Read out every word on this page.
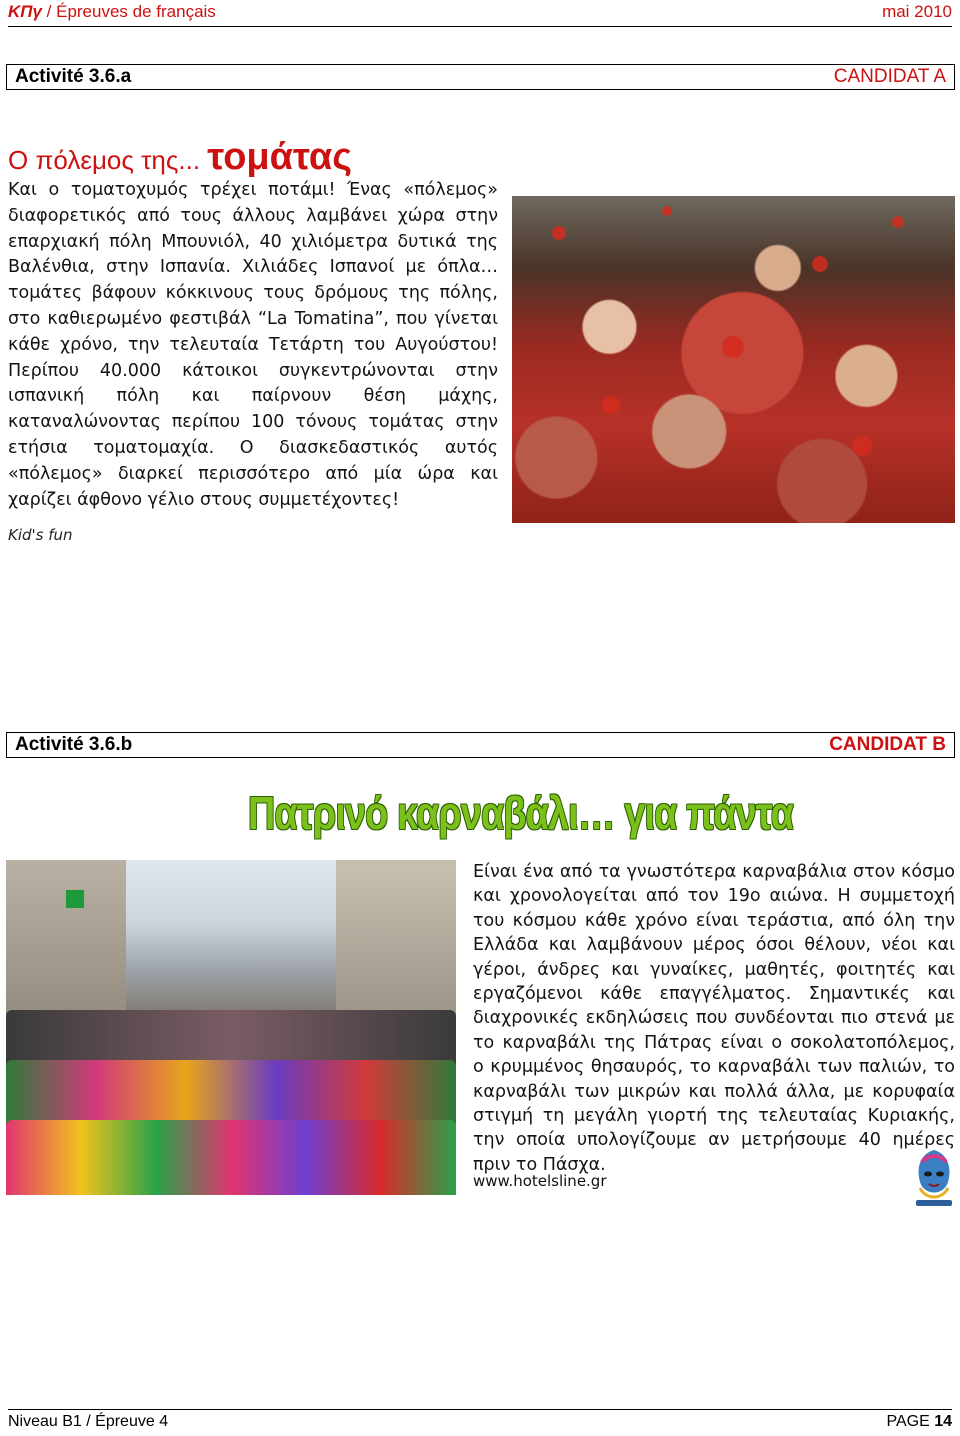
ΚΠγ / Épreuves de français	mai 2010
Activité 3.6.a	CANDIDAT A
Ο πόλεμος της... τομάτας

Και ο τοματοχυμός τρέχει ποτάμι! Ένας «πόλεμος» διαφορετικός από τους άλλους λαμβάνει χώρα στην επαρχιακή πόλη Μπουνιόλ, 40 χιλιόμετρα δυτικά της Βαλένθια, στην Ισπανία. Χιλιάδες Ισπανοί με όπλα… τομάτες βάφουν κόκκινους τους δρόμους της πόλης, στο καθιερωμένο φεστιβάλ “La Tomatina”, που γίνεται κάθε χρόνο, την τελευταία Τετάρτη του Αυγούστου! Περίπου 40.000 κάτοικοι συγκεντρώνονται στην ισπανική πόλη και παίρνουν θέση μάχης, καταναλώνοντας περίπου 100 τόνους τομάτας στην ετήσια τοματομαχία. Ο διασκεδαστικός αυτός «πόλεμος» διαρκεί περισσότερο από μία ώρα και χαρίζει άφθονο γέλιο στους συμμετέχοντες!

Kid's fun
Activité 3.6.b	CANDIDAT B
Πατρινό καρναβάλι… για πάντα

Είναι ένα από τα γνωστότερα καρναβάλια στον κόσμο και χρονολογείται από τον 19ο αιώνα. Η συμμετοχή του κόσμου κάθε χρόνο είναι τεράστια, από όλη την Ελλάδα και λαμβάνουν μέρος όσοι θέλουν, νέοι και γέροι, άνδρες και γυναίκες, μαθητές, φοιτητές και εργαζόμενοι κάθε επαγγέλματος. Σημαντικές και διαχρονικές εκδηλώσεις που συνδέονται πιο στενά με το καρναβάλι της Πάτρας είναι ο σοκολατοπόλεμος, ο κρυμμένος θησαυρός, το καρναβάλι των παλιών, το καρναβάλι των μικρών και πολλά άλλα, με κορυφαία στιγμή τη μεγάλη γιορτή της τελευταίας Κυριακής, την οποία υπολογίζουμε αν μετρήσουμε 40 ημέρες πριν το Πάσχα.

www.hotelsline.gr
Niveau B1 / Épreuve 4	PAGE 14
